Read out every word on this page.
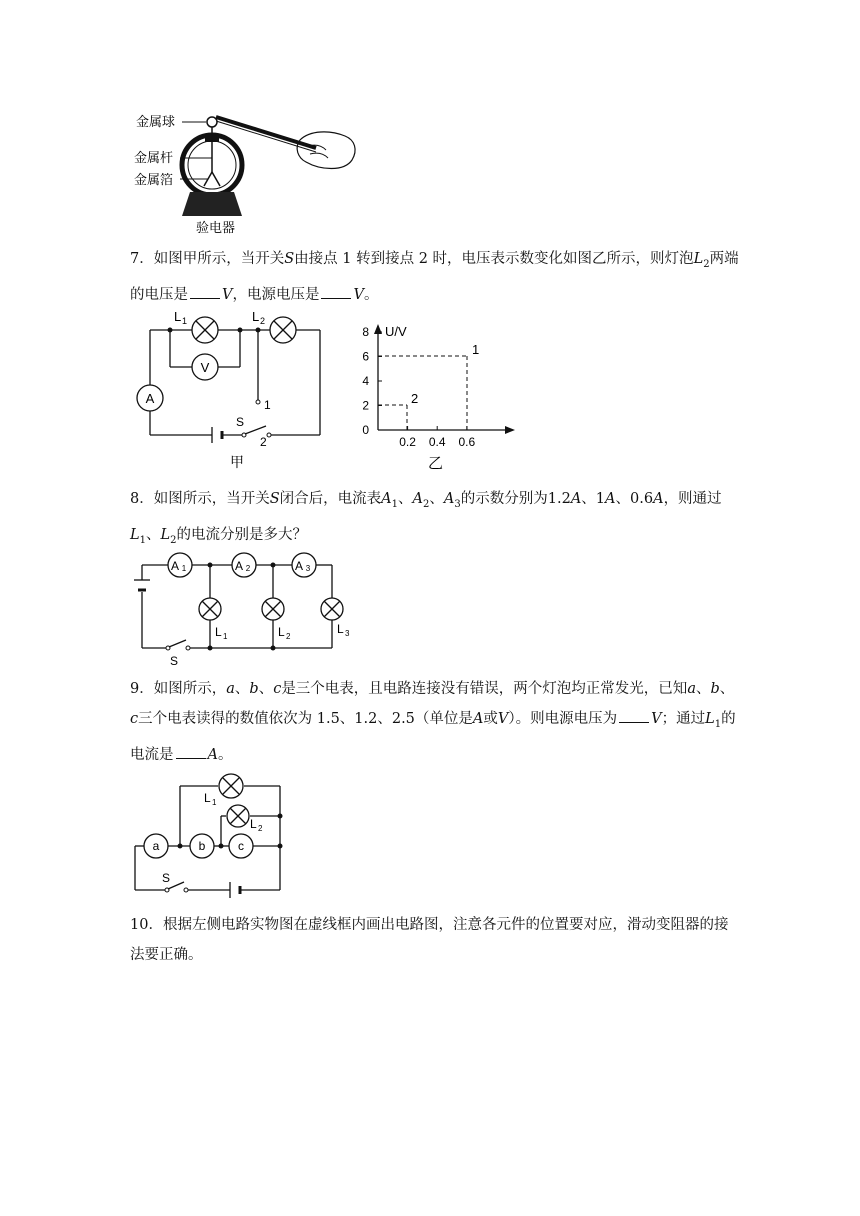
金属球
金属杆
金属箔
验电器
7．如图甲所示，当开关S由接点 1 转到接点 2 时，电压表示数变化如图乙所示，则灯泡$L_2$两端的电压是 V，电源电压是 V。
V
A
L 1	L 2
1
S
2
甲
U/V
0
2
4
6
8
0.2 0.4 0.6
1
2
乙
8．如图所示，当开关S闭合后，电流表$A_1$、$A_2$、$A_3$的示数分别为1.2A、1A、0.6A，则通过$L_1$、$L_2$的电流分别是多大？
S
A 1	A 2	A 3
L 1	L 2
L 3
9．如图所示，a、b、c是三个电表，且电路连接没有错误，两个灯泡均正常发光，已知a、b、c三个电表读得的数值依次为 1.5、1.2、2.5（单位是A或V）。则电源电压为 V；通过$L_1$的电流是 A。
S
a	b	c
L 1
L 2
10．根据左侧电路实物图在虚线框内画出电路图，注意各元件的位置要对应，滑动变阻器的接法要正确。
